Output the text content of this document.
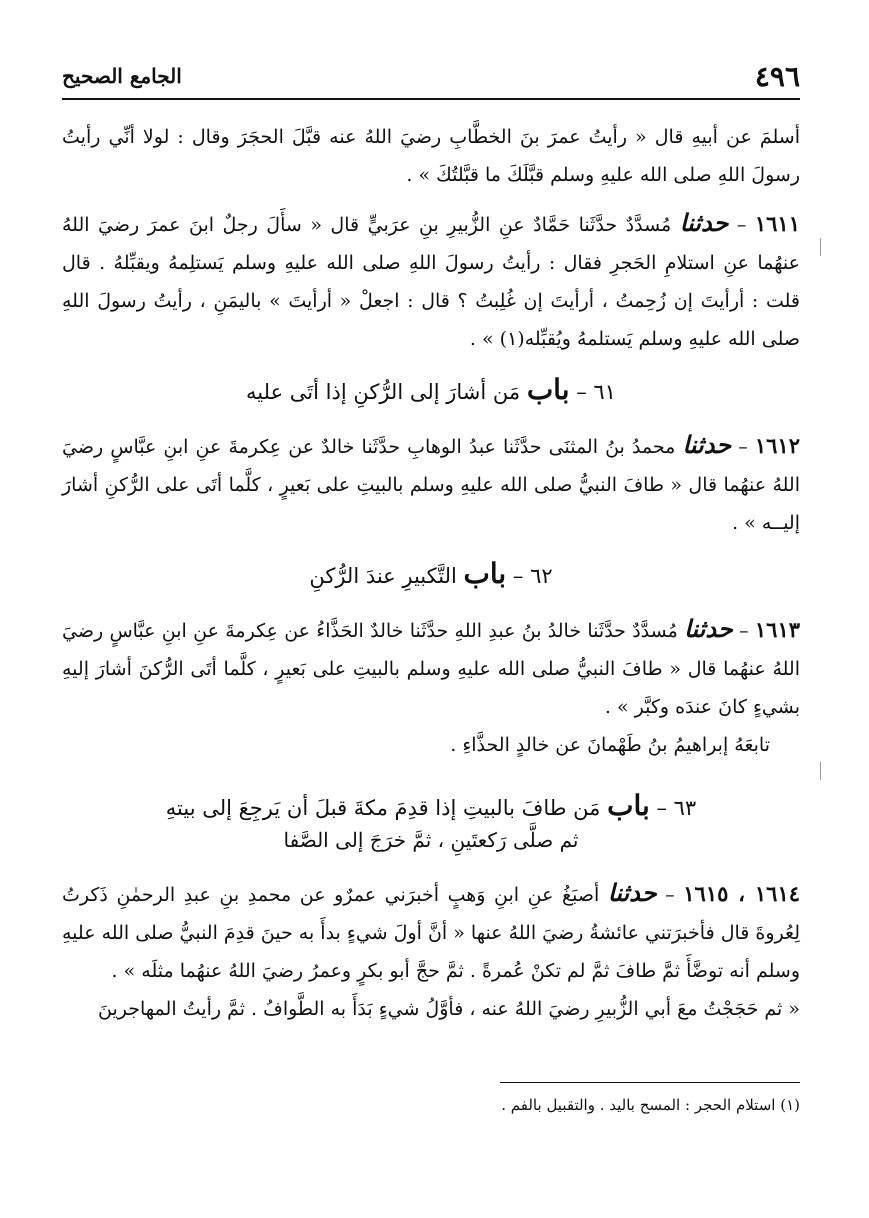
٤٩٦
الجامع الصحيح

أسلمَ عن أبيهِ قال « رأيتُ عمرَ بنَ الخطَّابِ رضيَ اللهُ عنه قبَّلَ الحجَرَ وقال : لولا أنِّي رأيتُ رسولَ اللهِ صلى الله عليهِ وسلم قبَّلَكَ ما قبَّلتُكَ » .

١٦١١ – حدثنا مُسدَّدٌ حدَّثَنا حَمَّادٌ عنِ الزُّبيرِ بنِ عرَبيٍّ قال « سأَلَ رجلٌ ابنَ عمرَ رضيَ اللهُ عنهُما عنِ استلامِ الحَجرِ فقال : رأيتُ رسولَ اللهِ صلى الله عليهِ وسلم يَستلِمهُ ويقبِّلهُ . قال قلت : أرأيتَ إن زُحِمتُ ، أرأيتَ إن غُلِبتُ ؟ قال : اجعلْ « أرأيتَ » باليمَنِ ، رأيتُ رسولَ اللهِ صلى الله عليهِ وسلم يَستلمهُ ويُقبِّله(١) » .

٦١ – باب مَن أشارَ إلى الرُّكنِ إذا أتَى عليه

١٦١٢ – حدثنا محمدُ بنُ المثنَى حدَّثَنا عبدُ الوهابِ حدَّثَنا خالدٌ عن عِكرمةَ عنِ ابنِ عبَّاسٍ رضيَ اللهُ عنهُما قال « طافَ النبيُّ صلى الله عليهِ وسلم بالبيتِ على بَعيرٍ ، كلَّما أتَى على الرُّكنِ أشارَ إليــه » .

٦٢ – باب التَّكبيرِ عندَ الرُّكنِ

١٦١٣ – حدثنا مُسدَّدٌ حدَّثَنا خالدُ بنُ عبدِ اللهِ حدَّثَنا خالدٌ الحَذَّاءُ عن عِكرمةَ عنِ ابنِ عبَّاسٍ رضيَ اللهُ عنهُما قال « طافَ النبيُّ صلى الله عليهِ وسلم بالبيتِ على بَعيرٍ ، كلَّما أتَى الرُّكنَ أشارَ إليهِ بشيءٍ كانَ عندَه وكبَّر » .

تابعَهُ إبراهيمُ بنُ طَهْمانَ عن خالدٍ الحذَّاءِ .

٦٣ – باب مَن طافَ بالبيتِ إذا قدِمَ مكةَ قبلَ أن يَرجِعَ إلى بيتهِ
ثم صلَّى رَكعتَينِ ، ثمَّ خرَجَ إلى الصَّفا

١٦١٤ ، ١٦١٥ – حدثنا أصبَغُ عنِ ابنِ وَهبٍ أخبرَني عمرٌو عن محمدِ بنِ عبدِ الرحمٰنِ ذَكرتُ لِعُروةَ قال فأخبرَتني عائشةُ رضيَ اللهُ عنها « أنَّ أولَ شيءٍ بدأَ به حينَ قدِمَ النبيُّ صلى الله عليهِ وسلم أنه توضَّأَ ثمَّ طافَ ثمَّ لم تكنْ عُمرةً . ثمَّ حجَّ أبو بكرٍ وعمرُ رضيَ اللهُ عنهُما مثلَه » .

« ثم حَجَجْتُ معَ أبي الزُّبيرِ رضيَ اللهُ عنه ، فأوَّلُ شيءٍ بَدَأَ به الطَّوافُ . ثمَّ رأيتُ المهاجرينَ

(١) استلام الحجر : المسح باليد . والتقبيل بالفم .
